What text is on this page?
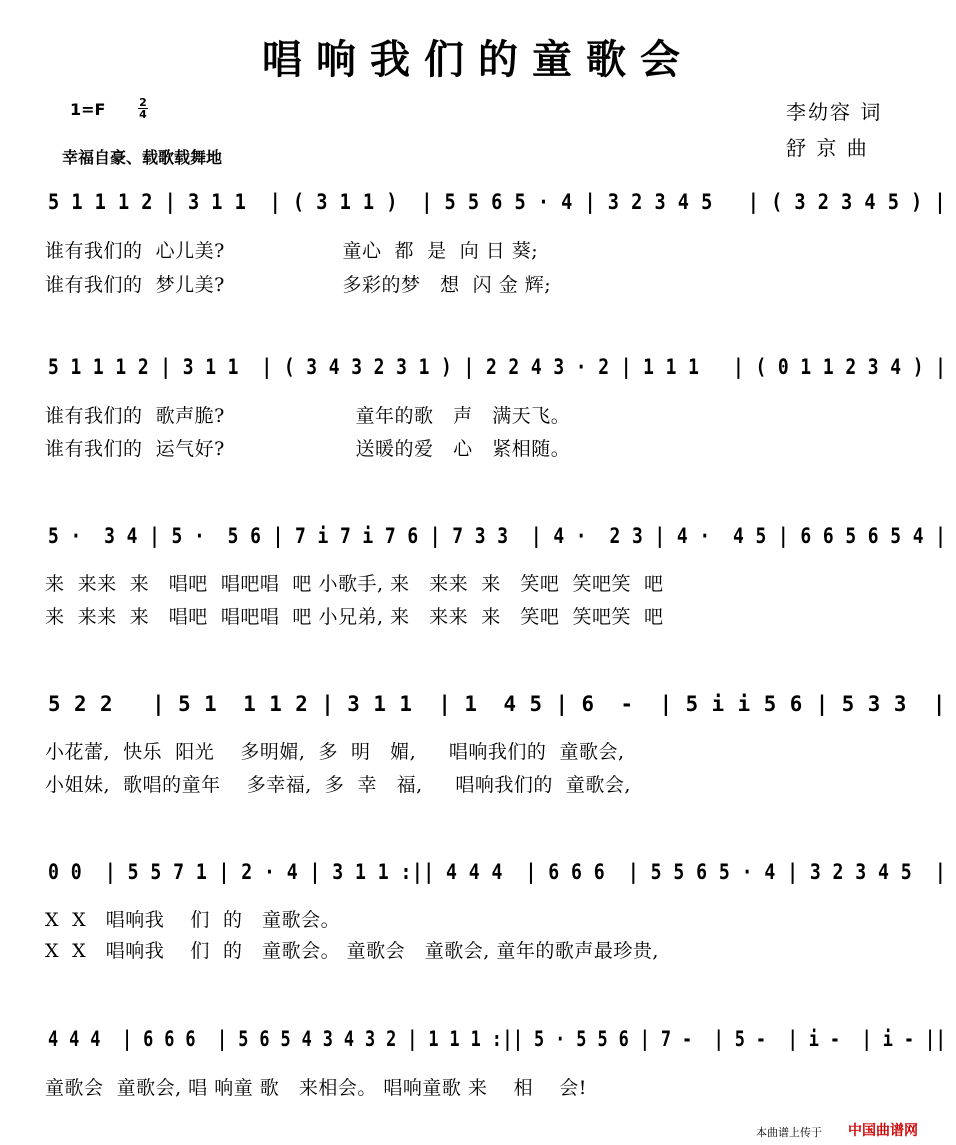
唱响我们的童歌会
1=F	2
4
幸福自豪、载歌载舞地
李幼容 词
舒 京 曲
5 1 1 1 2 | 3 1 1  | ( 3 1 1 )  | 5 5 6 5 · 4 | 3 2 3 4 5   | ( 3 2 3 4 5 ) |
谁有我们的  心儿美?                  童心  都  是  向 日 葵;
谁有我们的  梦儿美?                  多彩的梦   想  闪 金 辉;
5 1 1 1 2 | 3 1 1  | ( 3 4 3 2 3 1 ) | 2 2 4 3 · 2 | 1 1 1   | ( 0 1 1 2 3 4 ) |
谁有我们的  歌声脆?                    童年的歌   声   满天飞。
谁有我们的  运气好?                    送暖的爱   心   紧相随。
5 ·  3 4 | 5 ·  5 6 | 7 i 7 i 7 6 | 7 3 3  | 4 ·  2 3 | 4 ·  4 5 | 6 6 5 6 5 4 |
来  来来  来   唱吧  唱吧唱  吧 小歌手, 来   来来  来   笑吧  笑吧笑  吧
来  来来  来   唱吧  唱吧唱  吧 小兄弟, 来   来来  来   笑吧  笑吧笑  吧
5 2 2   | 5 1  1 1 2 | 3 1 1  | 1  4 5 | 6  -  | 5 i i 5 6 | 5 3 3  |
小花蕾,  快乐  阳光    多明媚,  多  明   媚,     唱响我们的  童歌会,
小姐妹,  歌唱的童年    多幸福,  多  幸   福,     唱响我们的  童歌会,
0 0  | 5 5 7 1 | 2 · 4 | 3 1 1 :|| 4 4 4  | 6 6 6  | 5 5 6 5 · 4 | 3 2 3 4 5  |
X  X   唱响我    们  的   童歌会。
X  X   唱响我    们  的   童歌会。 童歌会   童歌会, 童年的歌声最珍贵,
4 4 4  | 6 6 6  | 5 6 5 4 3 4 3 2 | 1 1 1 :|| 5 · 5 5 6 | 7 -  | 5 -  | i -  | i - ||
童歌会  童歌会, 唱 响童 歌   来相会。 唱响童歌 来    相    会!
本曲谱上传于 中国曲谱网
